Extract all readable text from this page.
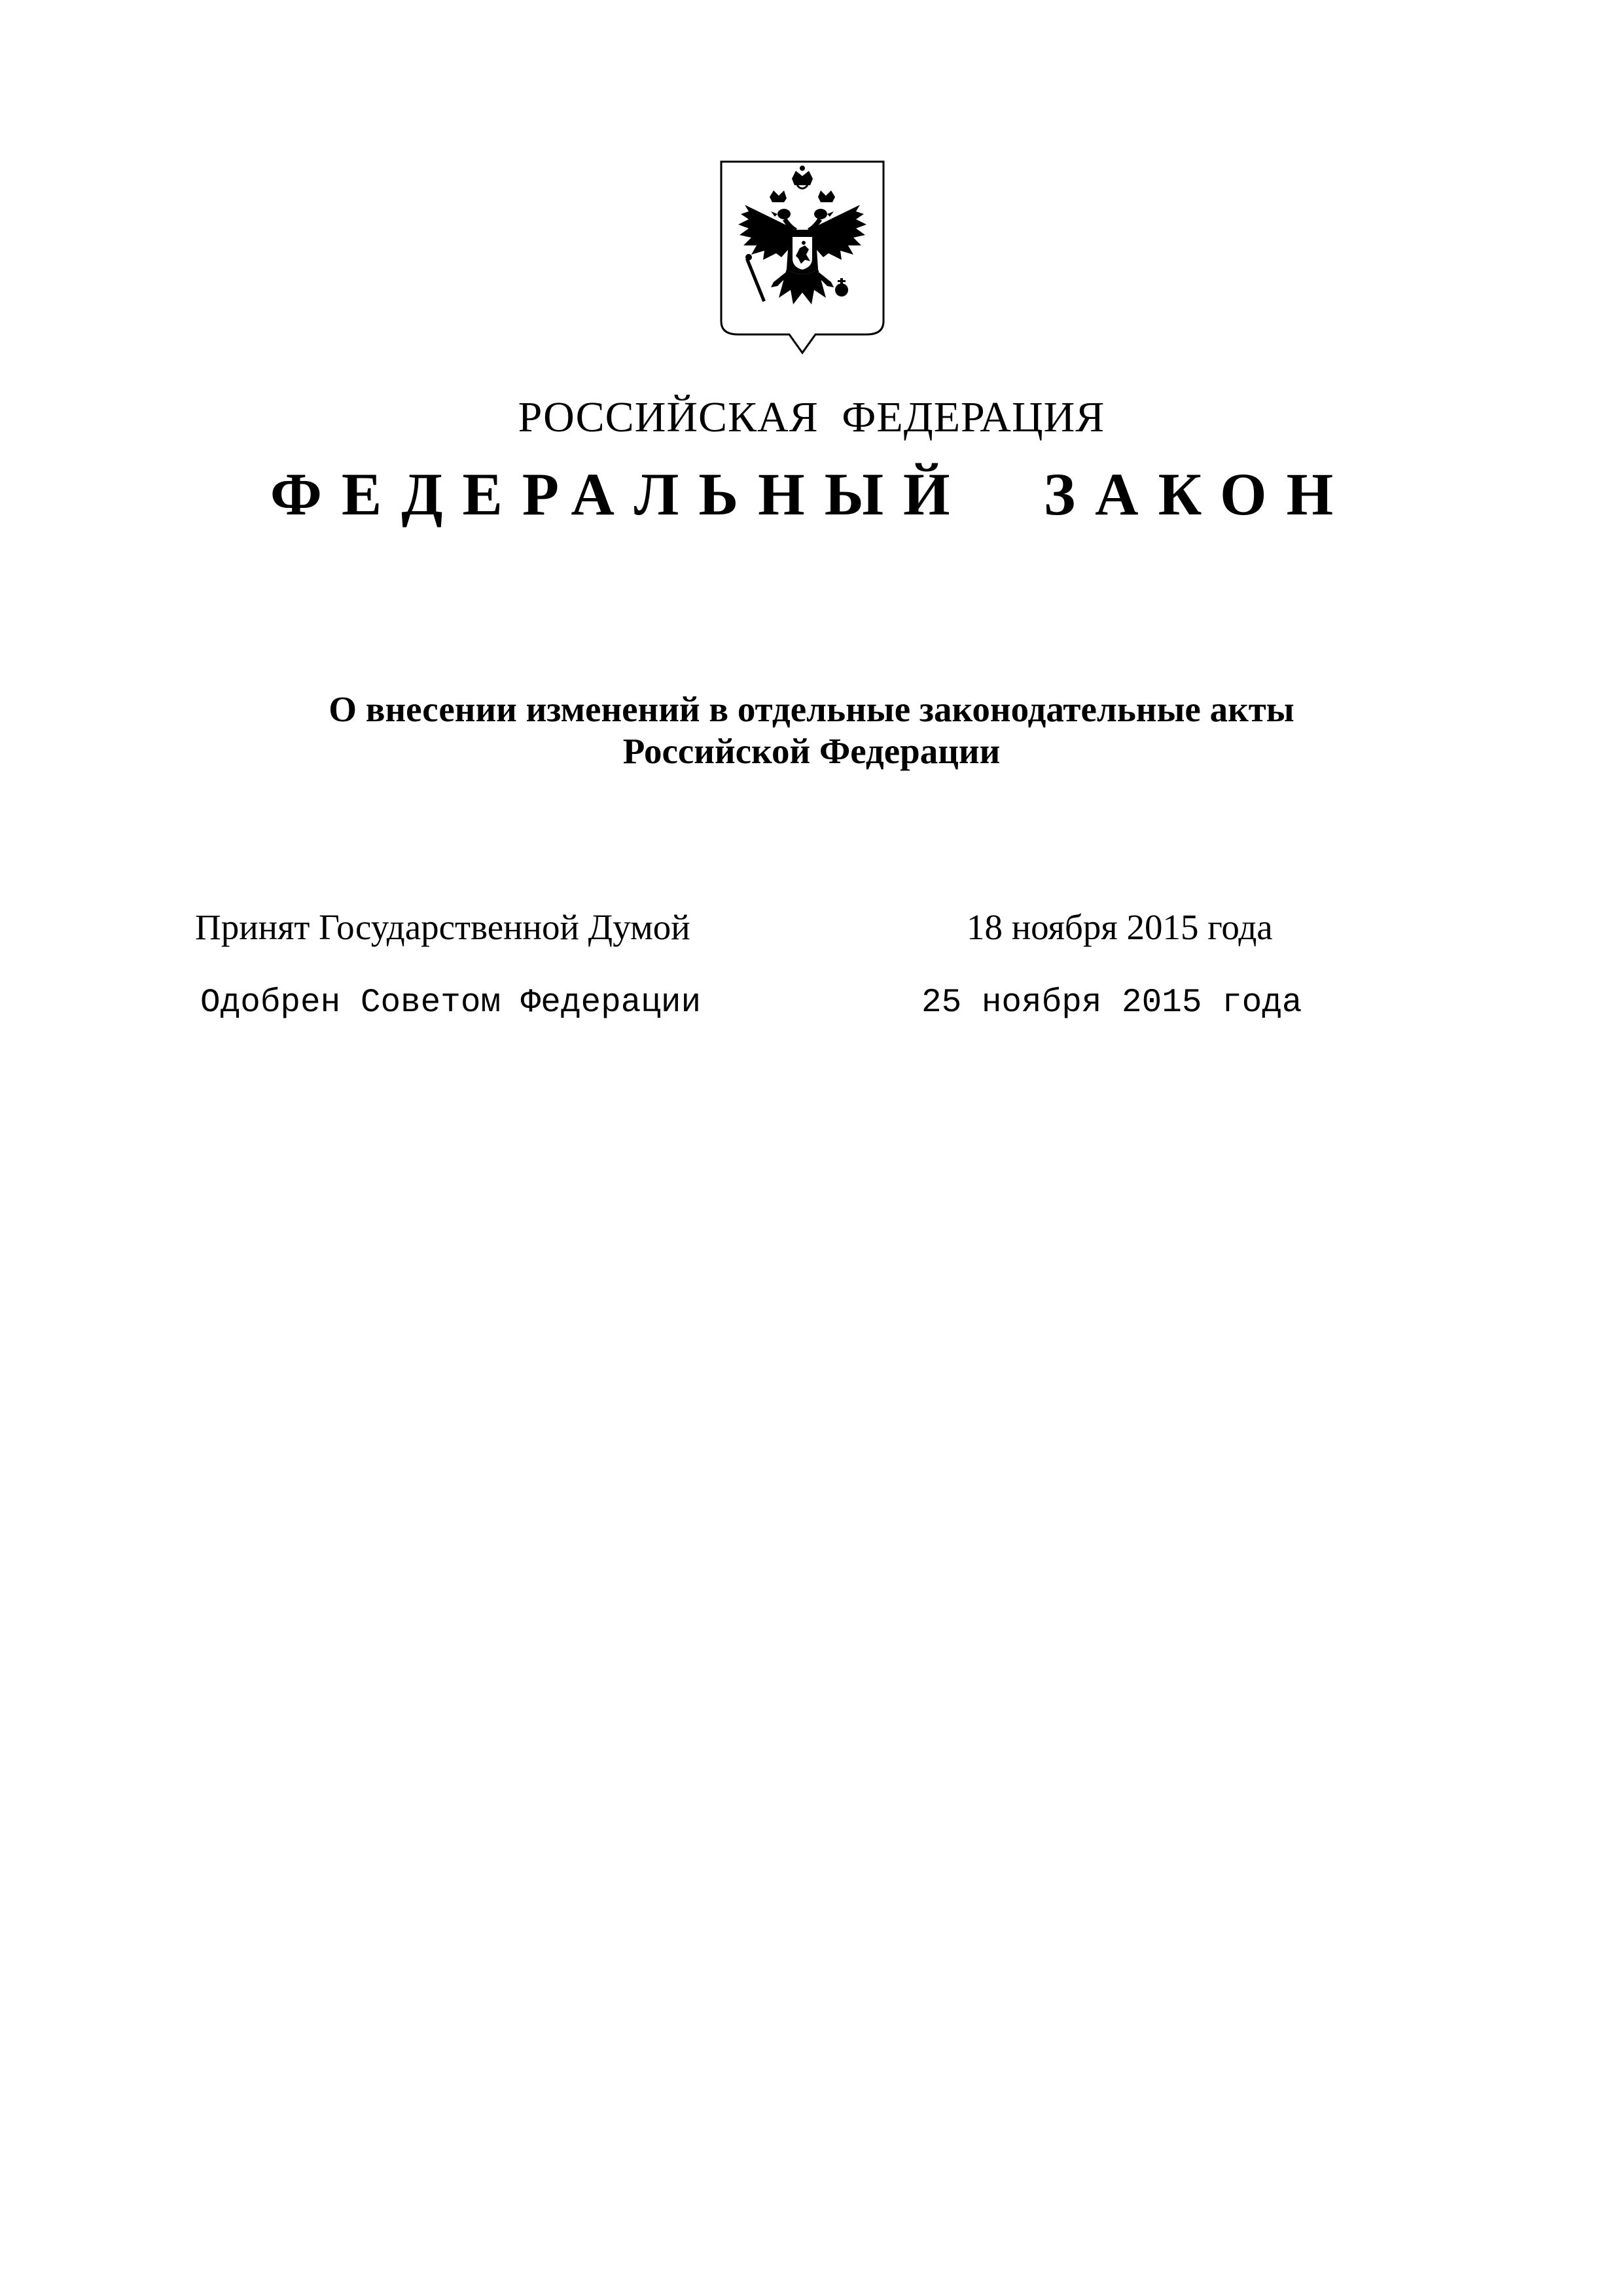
РОССИЙСКАЯ ФЕДЕРАЦИЯ
ФЕДЕРАЛЬНЫЙ ЗАКОН
О внесении изменений в отдельные законодательные акты
Российской Федерации
Принят Государственной Думой	18 ноября 2015 года
Одобрен Советом Федерации	25 ноября 2015 года
